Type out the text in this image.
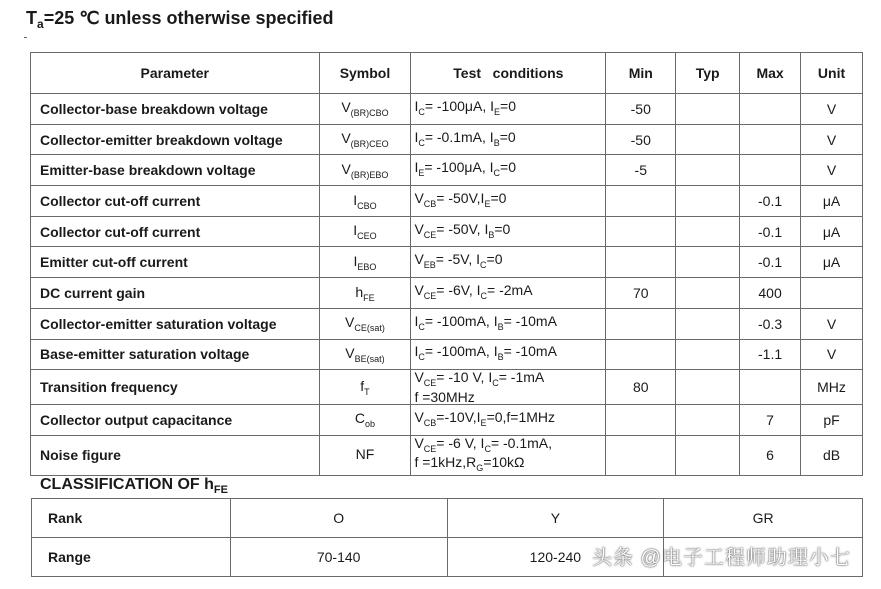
$T_a=25$ ℃ unless otherwise specified
Parameter	Symbol	Test   conditions	Min	Typ	Max	Unit
Collector-base breakdown voltage	$V_{(BR)CBO}$	$I_C= -100\mu A$, $I_E=0$	-50			V
Collector-emitter breakdown voltage	$V_{(BR)CEO}$	$I_C= -0.1mA$, $I_B=0$	-50			V
Emitter-base breakdown voltage	$V_{(BR)EBO}$	$I_E= -100\mu A$, $I_C=0$	-5			V
Collector cut-off current	$I_{CBO}$	$V_{CB}= -50V,I_E=0$			-0.1	μA
Collector cut-off current	$I_{CEO}$	$V_{CE}= -50V$, $I_B=0$			-0.1	μA
Emitter cut-off current	$I_{EBO}$	$V_{EB}= -5V$, $I_C=0$			-0.1	μA
DC current gain	$h_{FE}$	$V_{CE}= -6V$, $I_C= -2mA$	70		400	
Collector-emitter saturation voltage	$V_{CE(sat)}$	$I_C= -100mA$, $I_B= -10mA$			-0.3	V
Base-emitter saturation voltage	$V_{BE(sat)}$	$I_C= -100mA$, $I_B= -10mA$			-1.1	V
Transition frequency	$f_T$	$V_{CE}= -10$ V, $I_C= -1mA$
f =30MHz	80			MHz
Collector output capacitance	$C_{ob}$	$V_{CB}=-10V,I_E=0,f=1MHz$			7	pF
Noise figure	NF	$V_{CE}= -6$ V, $I_C= -0.1mA$,
$f =1kHz,R_G=10k\Omega$			6	dB
CLASSIFICATION OF $h_{FE}$
Rank	O	Y	GR
Range	70-140	120-240	头条 @电子工程师助理小七
